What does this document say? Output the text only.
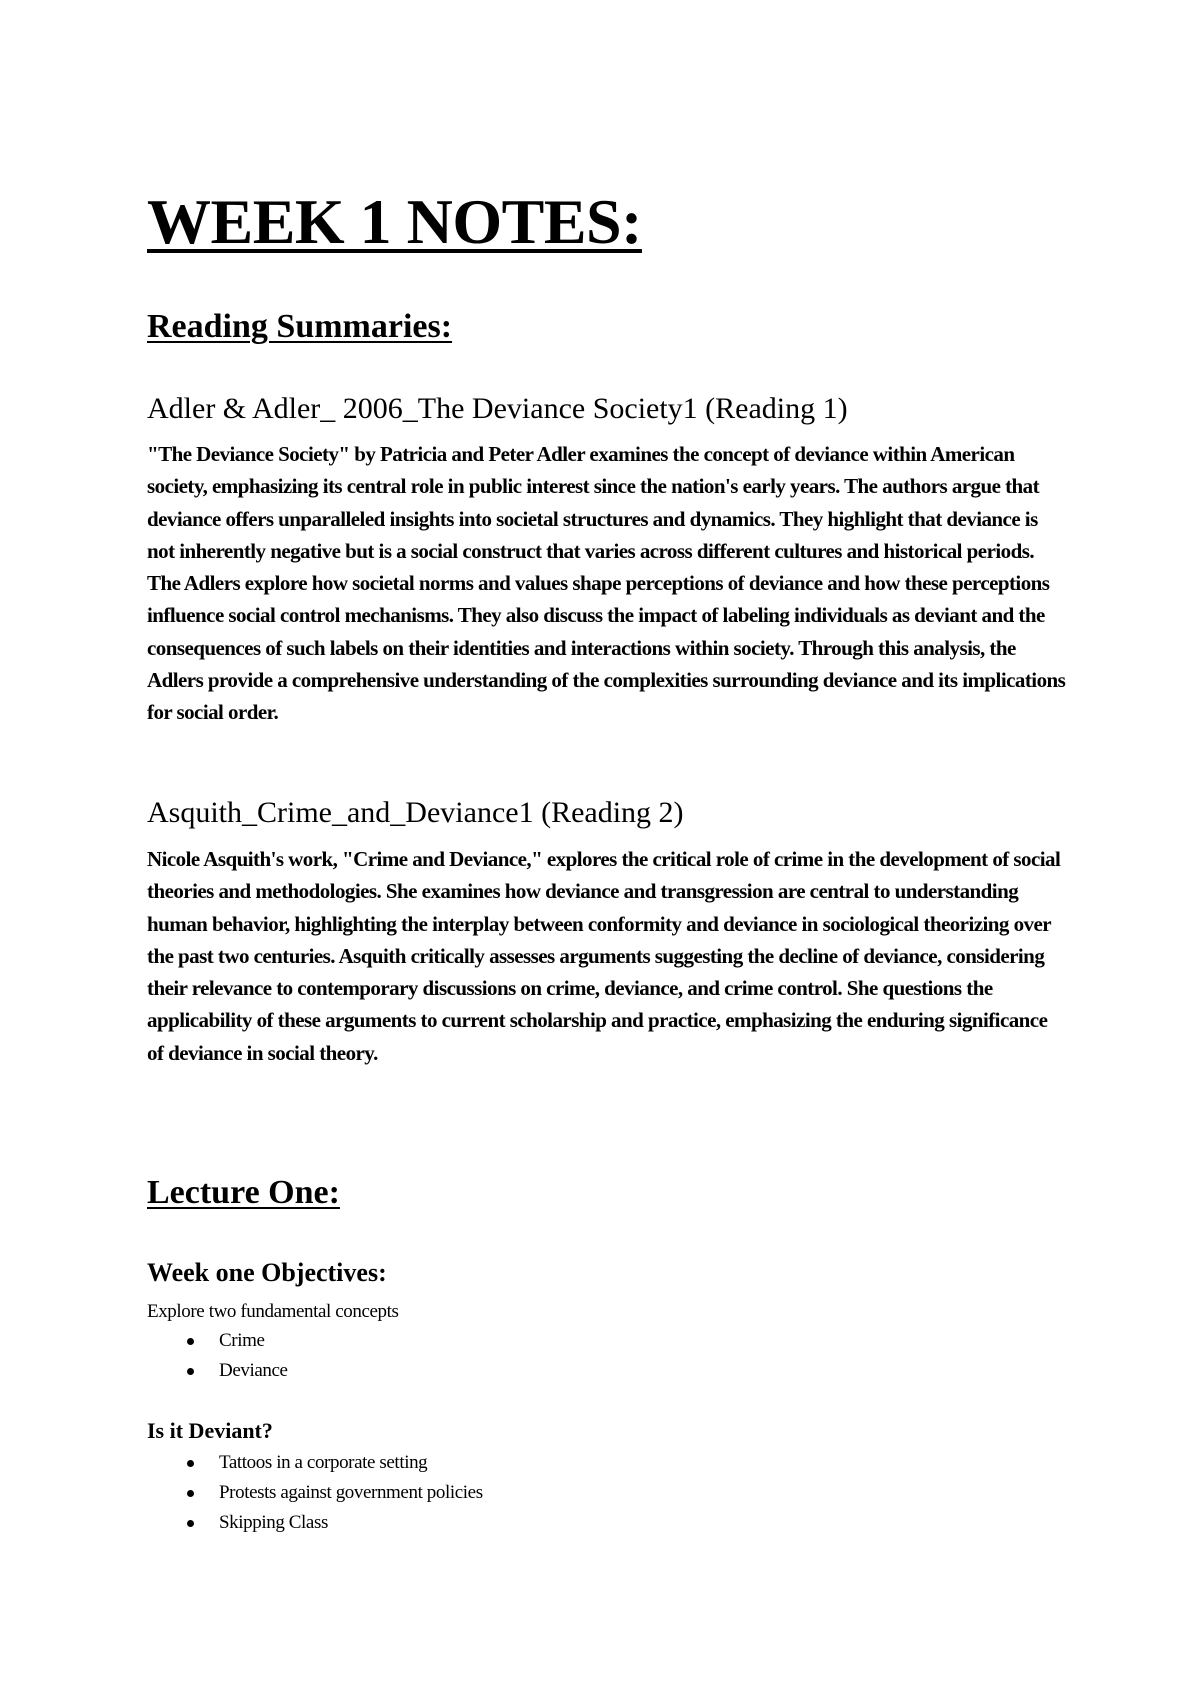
WEEK 1 NOTES:
Reading Summaries:
Adler & Adler_ 2006_The Deviance Society1 (Reading 1)

"The Deviance Society" by Patricia and Peter Adler examines the concept of deviance within American society, emphasizing its central role in public interest since the nation's early years. The authors argue that deviance offers unparalleled insights into societal structures and dynamics. They highlight that deviance is not inherently negative but is a social construct that varies across different cultures and historical periods. The Adlers explore how societal norms and values shape perceptions of deviance and how these perceptions influence social control mechanisms. They also discuss the impact of labeling individuals as deviant and the consequences of such labels on their identities and interactions within society. Through this analysis, the Adlers provide a comprehensive understanding of the complexities surrounding deviance and its implications for social order.

Asquith_Crime_and_Deviance1 (Reading 2)

Nicole Asquith's work, "Crime and Deviance," explores the critical role of crime in the development of social theories and methodologies. She examines how deviance and transgression are central to understanding human behavior, highlighting the interplay between conformity and deviance in sociological theorizing over the past two centuries. Asquith critically assesses arguments suggesting the decline of deviance, considering their relevance to contemporary discussions on crime, deviance, and crime control. She questions the applicability of these arguments to current scholarship and practice, emphasizing the enduring significance of deviance in social theory.

Lecture One:
Week one Objectives:

Explore two fundamental concepts

Crime
Deviance

Is it Deviant?

Tattoos in a corporate setting
Protests against government policies
Skipping Class
